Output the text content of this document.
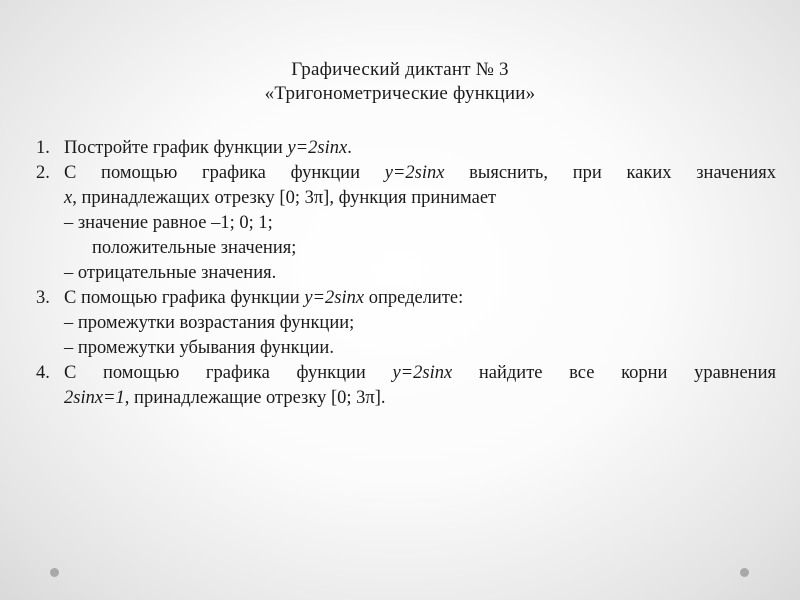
Графический диктант № 3
«Тригонометрические функции»
1. Постройте график функции y=2sinx.
2. С помощью графика функции y=2sinx выяснить, при каких значениях
x, принадлежащих отрезку [0; 3π], функция принимает
– значение равное –1; 0; 1;
положительные значения;
– отрицательные значения.
3. С помощью графика функции y=2sinx определите:
– промежутки возрастания функции;
– промежутки убывания функции.
4. С помощью графика функции y=2sinx найдите все корни уравнения
2sinx=1, принадлежащие отрезку [0; 3π].
